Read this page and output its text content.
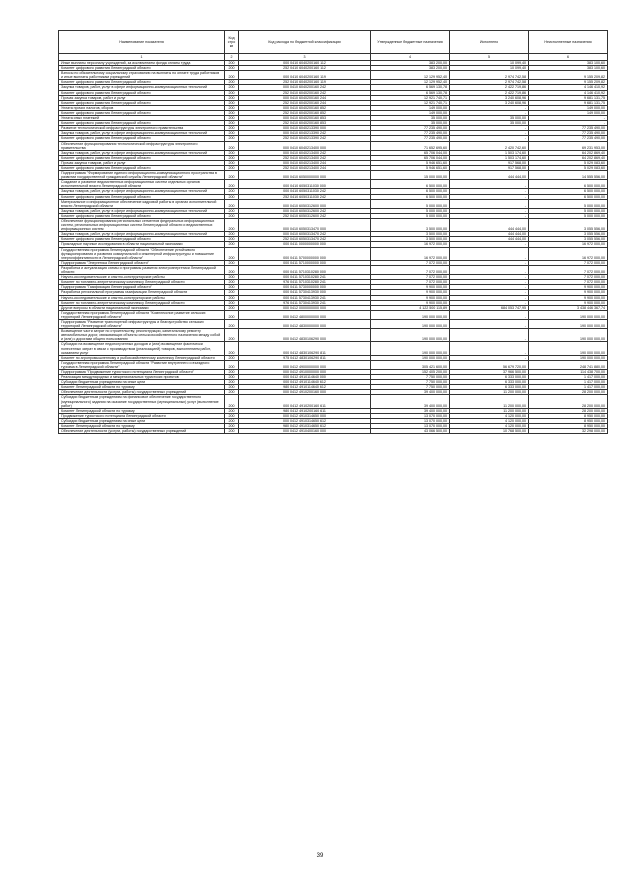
Наименование показателя	Код стро ки	Код расхода по бюджетной классификации	Утвержденные бюджетные назначения	Исполнено	Неисполненные назначения
1	2	3	4	5	6
Иные выплаты персоналу учреждений, за исключением фонда оплаты труда	200	000 0410 6040200160 112	383 200,00	10 099,40	383 100,60
Комитет цифрового развития Ленинградской области	200	252 0410 6040200160 112	383 200,00	10 099,40	383 100,60
Взносы по обязательному социальному страхованию на выплаты по оплате труда работников и иные выплаты работникам учреждений	200	000 0410 6040200160 119	12 129 952,40	2 974 742,58	9 155 209,82
Комитет цифрового развития Ленинградской области	200	252 0410 6040200160 119	12 129 952,40	2 974 742,58	9 155 209,82
Закупка товаров, работ, услуг в сфере информационно-коммуникационных технологий	200	000 0410 6040200160 242	6 569 130,78	2 422 719,86	4 146 410,92
Комитет цифрового развития Ленинградской области	200	252 0410 6040200160 242	6 569 130,78	2 422 719,86	4 146 410,92
Прочая закупка товаров, работ и услуг	200	000 0410 6040200160 244	12 921 740,71	3 240 608,96	9 681 131,75
Комитет цифрового развития Ленинградской области	200	252 0410 6040200160 244	12 921 740,71	3 240 608,96	9 681 131,75
Уплата прочих налогов, сборов	200	000 0410 6040200160 852	149 000,00	-	149 000,00
Комитет цифрового развития Ленинградской области	200	252 0410 6040200160 852	149 000,00	-	149 000,00
Уплата иных платежей	200	000 0410 6040200160 853	35 000,00	35 000,00	-
Комитет цифрового развития Ленинградской области	200	252 0410 6040200160 853	35 000,00	35 000,00	-
Развитие технологической инфраструктуры электронного правительства	200	000 0410 6040213390 000	77 235 490,00	-	77 235 490,00
Закупка товаров, работ, услуг в сфере информационно-коммуникационных технологий	200	000 0410 6040213390 242	77 235 490,00	-	77 235 490,00
Комитет цифрового развития Ленинградской области	200	252 0410 6040213390 242	77 235 490,00	-	77 235 490,00
Обеспечение функционирования технологической инфраструктуры электронного правительства	200	000 0410 6040213400 000	71 652 695,60	2 420 742,60	69 231 953,00
Закупка товаров, работ, услуг в сфере информационно-коммуникационных технологий	200	000 0410 6040213400 242	65 706 044,00	1 503 174,60	64 202 869,40
Комитет цифрового развития Ленинградской области	200	252 0410 6040213400 242	65 706 044,00	1 503 174,60	64 202 869,40
Прочая закупка товаров, работ и услуг	200	000 0410 6040213400 244	5 946 651,60	917 568,00	5 029 083,60
Комитет цифрового развития Ленинградской области	200	252 0410 6040213400 244	5 946 651,60	917 568,00	5 029 083,60
Подпрограмма "Формирование единого информационно-коммуникационного пространства в развитии государственной гражданской службы Ленинградской области"	200	000 0410 6050000000 000	15 000 000,00	444 444,00	14 555 556,00
Создание и развитие ведомственных информационных систем отдельных органов исполнительной власти Ленинградской области	200	000 0410 6050311030 000	6 500 000,00	-	6 500 000,00
Закупка товаров, работ, услуг в сфере информационно-коммуникационных технологий	200	000 0410 6050311030 242	6 500 000,00	-	6 500 000,00
Комитет цифрового развития Ленинградской области	200	252 0410 6050311030 242	6 500 000,00	-	6 500 000,00
Материальное и информационное обеспечение кадровой работы в органах исполнительной власти Ленинградской области	200	000 0410 6050312600 000	5 000 000,00	-	5 000 000,00
Закупка товаров, работ, услуг в сфере информационно-коммуникационных технологий	200	000 0410 6050312600 242	5 000 000,00	-	5 000 000,00
Комитет цифрового развития Ленинградской области	200	252 0410 6050312600 242	5 000 000,00	-	5 000 000,00
Обеспечение функционирования региональных сегментов федеральных информационных систем, региональных информационных систем Ленинградской области и ведомственных информационных систем	200	000 0410 6050313470 000	3 500 000,00	444 444,00	3 055 556,00
Закупка товаров, работ, услуг в сфере информационно-коммуникационных технологий	200	000 0410 6050313470 242	3 500 000,00	444 444,00	3 055 556,00
Комитет цифрового развития Ленинградской области	200	252 0410 6050313470 242	3 500 000,00	444 444,00	3 055 556,00
Прикладные научные исследования в области национальной экономики	200	000 0411 0000000000 000	16 972 000,00	-	16 972 000,00
Государственная программа Ленинградской области "Обеспечение устойчивого функционирования и развития коммунальной и инженерной инфраструктуры и повышение энергоэффективности в Ленинградской области"	200	000 0411 5700000000 000	16 972 000,00	-	16 972 000,00
Подпрограмма "Энергетика Ленинградской области"	200	000 0411 5710000000 000	7 072 000,00	-	7 072 000,00
Разработка и актуализация схемы и программы развития электроэнергетики Ленинградской области	200	000 0411 5710310280 000	7 072 000,00	-	7 072 000,00
Научно-исследовательские и опытно-конструкторские работы	200	000 0411 5710310280 241	7 072 000,00	-	7 072 000,00
Комитет по топливно-энергетическому комплексу Ленинградской области	200	976 0411 5710310280 241	7 072 000,00	-	7 072 000,00
Подпрограмма "Газификация Ленинградской области"	200	000 0411 5730000000 000	9 900 000,00	-	9 900 000,00
Разработка региональной программы газификации Ленинградской области	200	000 0411 5730413930 000	9 900 000,00	-	9 900 000,00
Научно-исследовательские и опытно-конструкторские работы	200	000 0411 5730413930 241	9 900 000,00	-	9 900 000,00
Комитет по топливно-энергетическому комплексу Ленинградской области	200	976 0411 5730413930 241	9 900 000,00	-	9 900 000,00
Другие вопросы в области национальной экономики	200	000 0412 0000000000 000	4 122 500 115,89	684 053 747,95	3 438 446 367,74
Государственная программа Ленинградской области "Комплексное развитие сельских территорий Ленинградской области"	200	000 0412 4800000000 000	190 000 000,00	-	190 000 000,00
Подпрограмма "Развитие транспортной инфраструктуры и благоустройство сельских территорий Ленинградской области"	200	000 0412 4830000000 000	190 000 000,00	-	190 000 000,00
Возмещение части затрат по строительству, реконструкции, капитальному ремонту автомобильных дорог, связывающих объекты сельскохозяйственного назначения между собой и (или) с дорогами общего пользования	200	000 0412 4830106290 000	190 000 000,00	-	190 000 000,00
Субсидии на возмещение недополученных доходов и (или) возмещение фактически понесенных затрат в связи с производством (реализацией) товаров, выполнением работ, оказанием услуг	200	000 0412 4830106290 811	190 000 000,00	-	190 000 000,00
Комитет по агропромышленному и рыбохозяйственному комплексу Ленинградской области	200	975 0412 4830106290 811	190 000 000,00	-	190 000 000,00
Государственная программа Ленинградской области "Развитие внутреннего и въездного туризма в Ленинградской области"	200	000 0412 4900000000 000	305 421 600,00	56 679 720,00	248 741 880,00
Подпрограмма "Продвижение туристского потенциала Ленинградской области"	200	000 0412 4910000000 000	152 405 200,00	37 966 500,00	114 438 700,00
Реализация международных и межрегиональных туристских проектов	200	000 0412 4910114640 000	7 750 000,00	6 333 000,00	1 417 000,00
Субсидии бюджетным учреждениям на иные цели	200	000 0412 4910114640 612	7 750 000,00	6 333 000,00	1 417 000,00
Комитет Ленинградской области по туризму	200	980 0412 4910114640 612	7 750 000,00	6 333 000,00	1 417 000,00
Обеспечение деятельности (услуги, работы) государственных учреждений	200	000 0412 4910200160 000	39 400 000,00	11 200 000,00	28 200 000,00
Субсидии бюджетным учреждениям на финансовое обеспечение государственного (муниципального) задания на оказание государственных (муниципальных) услуг (выполнение работ)	200	000 0412 4910200160 611	39 400 000,00	11 200 000,00	28 200 000,00
Комитет Ленинградской области по туризму	200	980 0412 4910200160 611	39 400 000,00	11 200 000,00	28 200 000,00
Продвижение туристского потенциала Ленинградской области	200	000 0412 4910314650 000	13 070 000,00	4 120 000,00	8 950 000,00
Субсидии бюджетным учреждениям на иные цели	200	000 0412 4910314650 612	13 070 000,00	4 120 000,00	8 950 000,00
Комитет Ленинградской области по туризму	200	980 0412 4910314650 612	13 070 000,00	4 120 000,00	8 950 000,00
Обеспечение деятельности (услуги, работы) государственных учреждений	200	000 0412 4910400160 000	43 066 500,00	10 768 500,00	32 298 000,00
39
